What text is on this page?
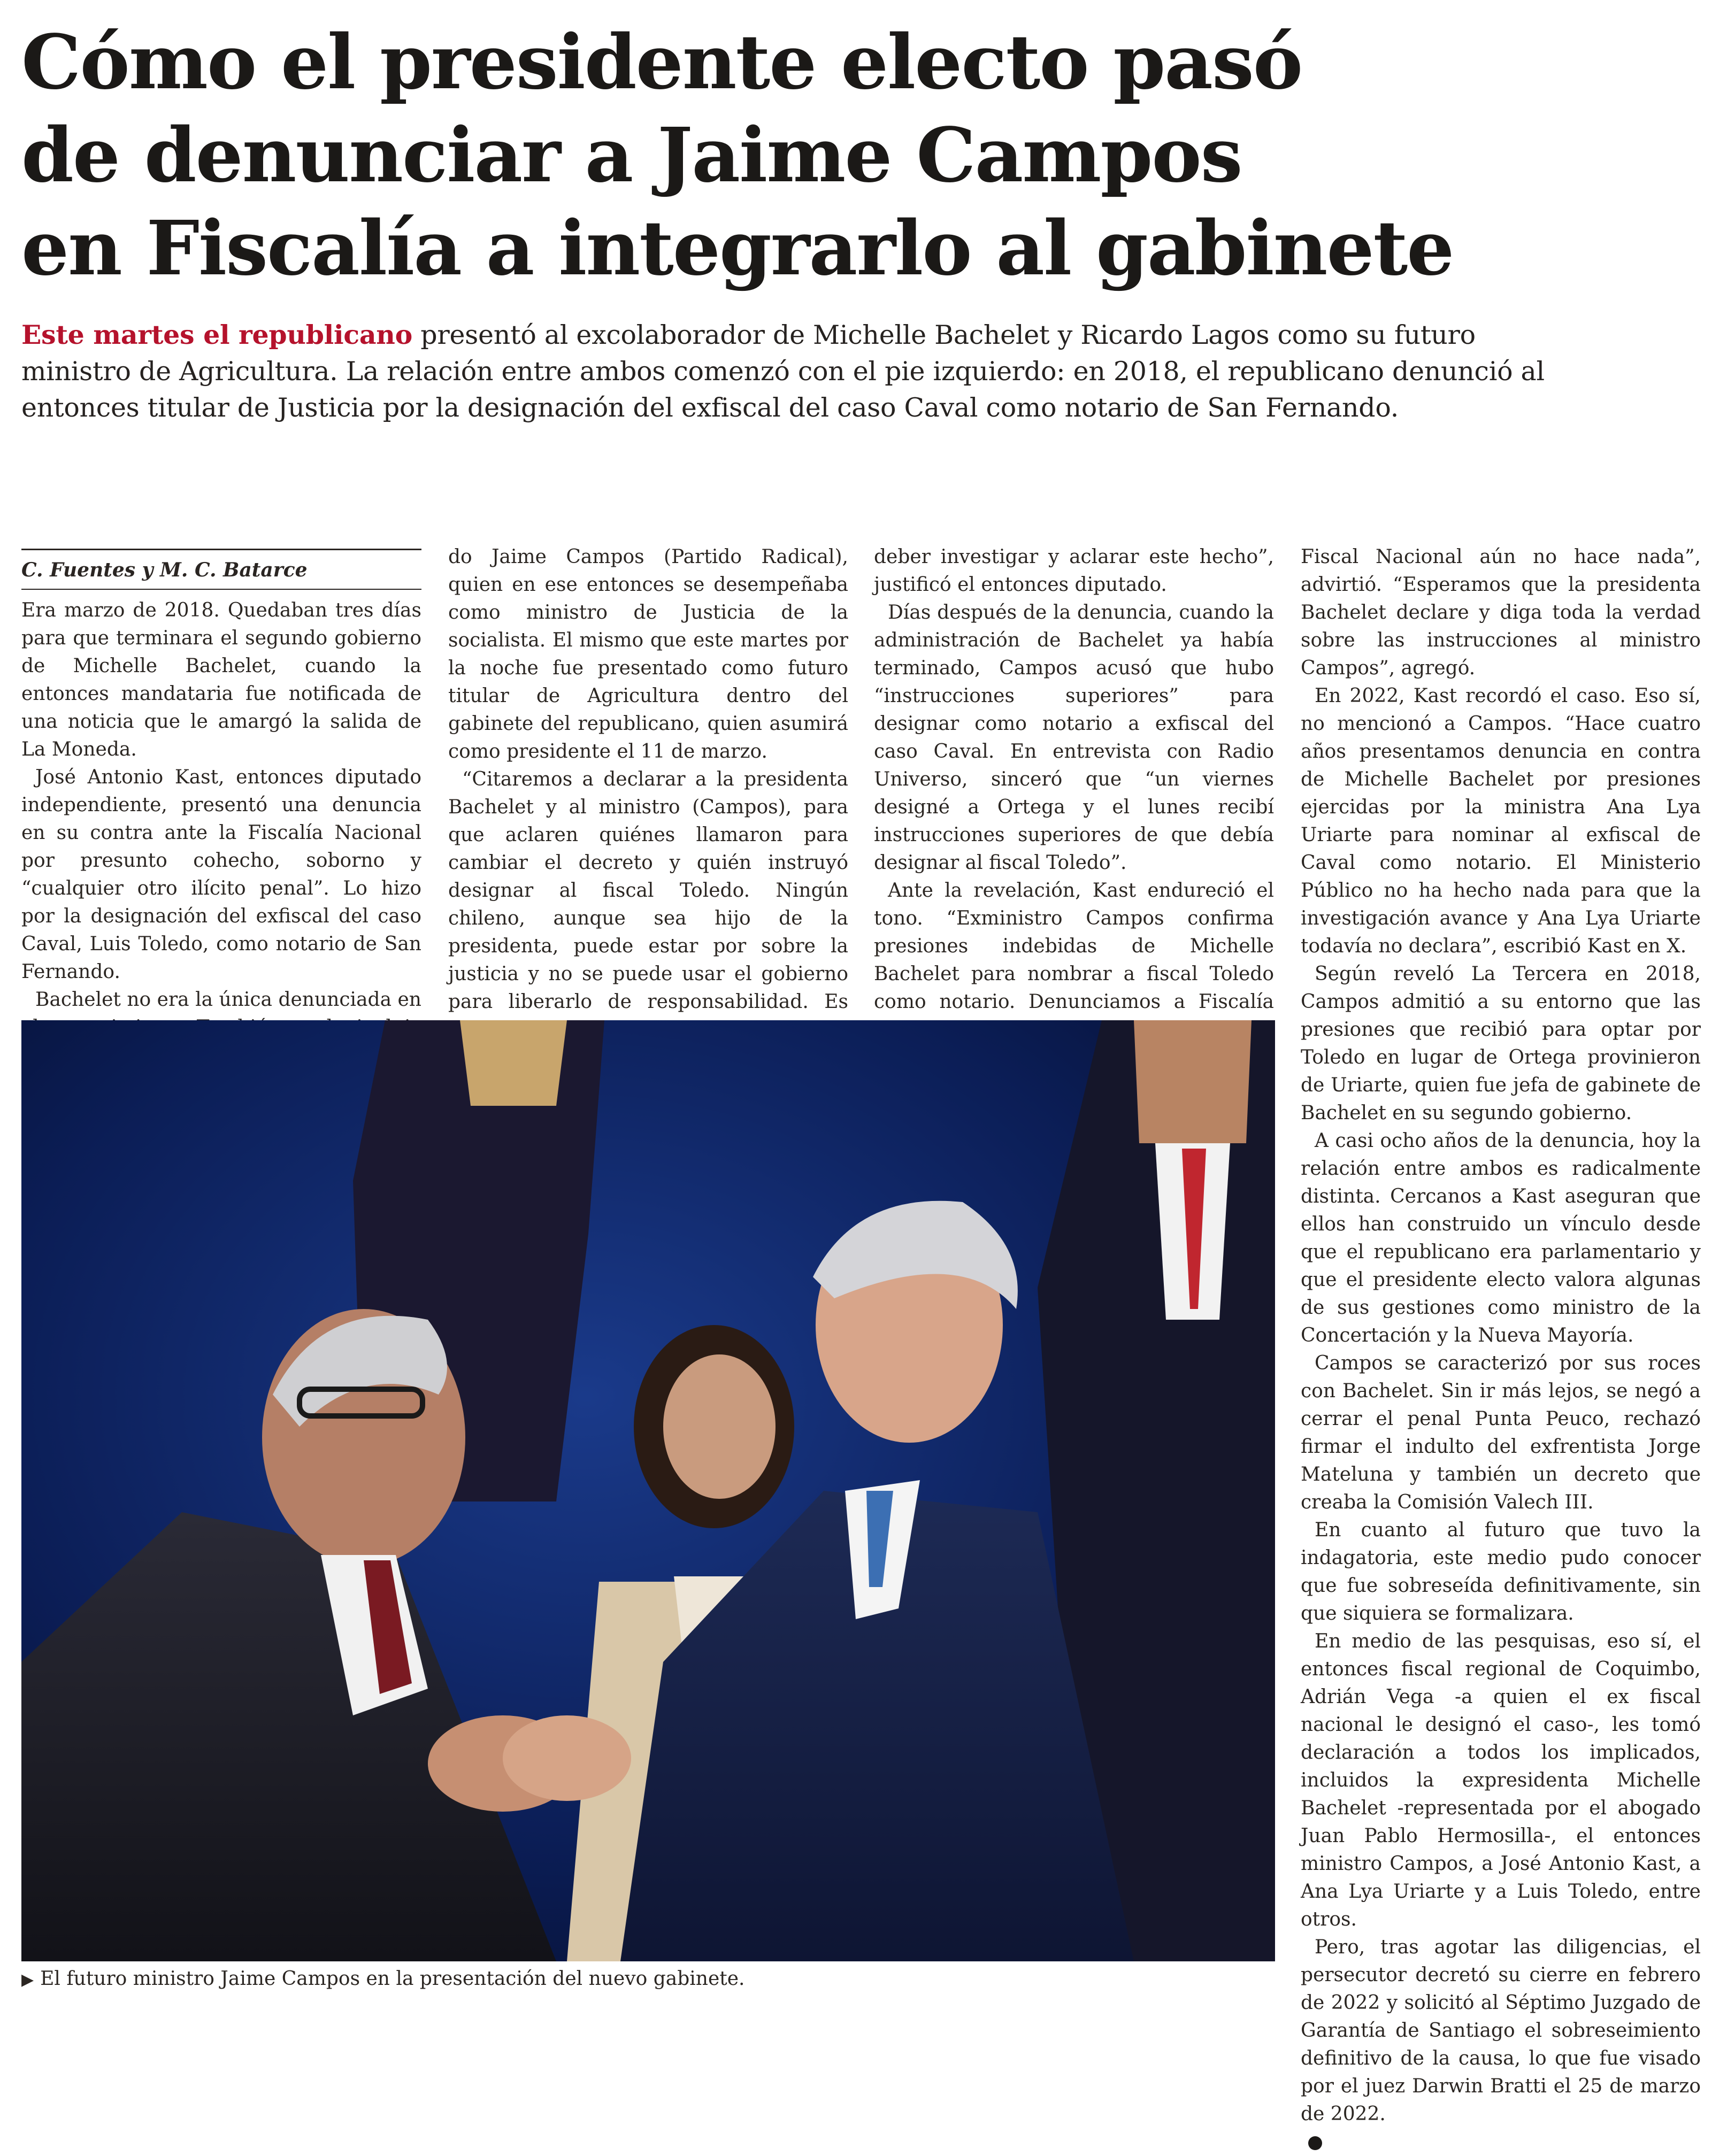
Cómo el presidente electo pasó
de denunciar a Jaime Campos
en Fiscalía a integrarlo al gabinete

Este martes el republicano presentó al excolaborador de Michelle Bachelet y Ricardo Lagos como su futuro ministro de Agricultura. La relación entre ambos comenzó con el pie izquierdo: en 2018, el republicano denunció al entonces titular de Justicia por la designación del exfiscal del caso Caval como notario de San Fernando.

C. Fuentes y M. C. Batarce

Era marzo de 2018. Quedaban tres días para que terminara el segundo gobierno de Michelle Bachelet, cuando la entonces mandataria fue notificada de una noticia que le amargó la salida de La Moneda.

José Antonio Kast, entonces diputado independiente, presentó una denuncia en su contra ante la Fiscalía Nacional por presunto cohecho, soborno y “cualquier otro ilícito penal”. Lo hizo por la designación del exfiscal del caso Caval, Luis Toledo, como notario de San Fernando.

Bachelet no era la única denunciada en

do Jaime Campos (Partido Radical), quien en ese entonces se desempeñaba como ministro de Justicia de la socialista. El mismo que este martes por la noche fue presentado como futuro titular de Agricultura dentro del gabinete del republicano, quien asumirá como presidente el 11 de marzo.

“Citaremos a declarar a la presidenta Bachelet y al ministro (Campos), para que aclaren quiénes llamaron para cambiar el decreto y quién instruyó designar al fiscal Toledo. Ningún chileno, aunque sea hijo de la presidenta, puede estar por sobre la justicia y no se puede usar el gobierno para liberarlo de responsabilidad. Es

deber investigar y aclarar este hecho”, justificó el entonces diputado.

Días después de la denuncia, cuando la administración de Bachelet ya había terminado, Campos acusó que hubo “instrucciones superiores” para designar como notario a exfiscal del caso Caval. En entrevista con Radio Universo, sinceró que “un viernes designé a Ortega y el lunes recibí instrucciones superiores de que debía designar al fiscal Toledo”.

Ante la revelación, Kast endureció el tono. “Exministro Campos confirma presiones indebidas de Michelle Bachelet para nombrar a fiscal Toledo como notario. Denunciamos a Fiscalía

Fiscal Nacional aún no hace nada”, advirtió. “Esperamos que la presidenta Bachelet declare y diga toda la verdad sobre las instrucciones al ministro Campos”, agregó.

En 2022, Kast recordó el caso. Eso sí, no mencionó a Campos. “Hace cuatro años presentamos denuncia en contra de Michelle Bachelet por presiones ejercidas por la ministra Ana Lya Uriarte para nominar al exfiscal de Caval como notario. El Ministerio Público no ha hecho nada para que la investigación avance y Ana Lya Uriarte todavía no declara”, escribió Kast en X.

Según reveló La Tercera en 2018, Campos admitió a su entorno que las presiones que recibió para optar por Toledo en lugar de Ortega provinieron de Uriarte, quien fue jefa de gabinete de Bachelet en su segundo gobierno.

A casi ocho años de la denuncia, hoy la relación entre ambos es radicalmente distinta. Cercanos a Kast aseguran que ellos han construido un vínculo desde que el republicano era parlamentario y que el presidente electo valora algunas de sus gestiones como ministro de la Concertación y la Nueva Mayoría.

Campos se caracterizó por sus roces con Bachelet. Sin ir más lejos, se negó a cerrar el penal Punta Peuco, rechazó firmar el indulto del exfrentista Jorge Mateluna y también un decreto que creaba la Comisión Valech III.

En cuanto al futuro que tuvo la indagatoria, este medio pudo conocer que fue sobreseída definitivamente, sin que siquiera se formalizara.

En medio de las pesquisas, eso sí, el entonces fiscal regional de Coquimbo, Adrián Vega -a quien el ex fiscal nacional le designó el caso-, les tomó declaración a todos los implicados, incluidos la expresidenta Michelle Bachelet -representada por el abogado Juan Pablo Hermosilla-, el entonces ministro Campos, a José Antonio Kast, a Ana Lya Uriarte y a Luis Toledo, entre otros.

Pero, tras agotar las diligencias, el persecutor decretó su cierre en febrero de 2022 y solicitó al Séptimo Juzgado de Garantía de Santiago el sobreseimiento definitivo de la causa, lo que fue visado por el juez Darwin Bratti el 25 de marzo de 2022.

▶ El futuro ministro Jaime Campos en la presentación del nuevo gabinete.
